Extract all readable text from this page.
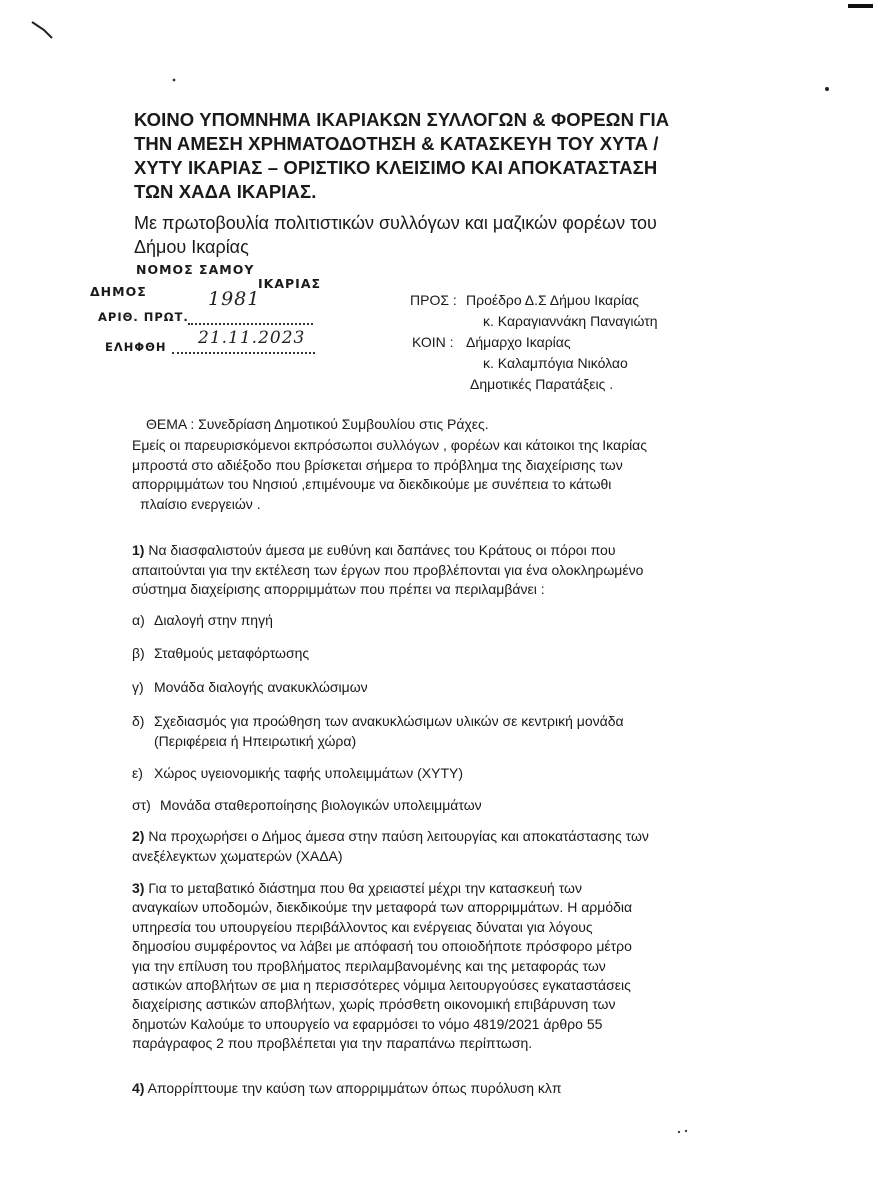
ΚΟΙΝΟ ΥΠΟΜΝΗΜΑ ΙΚΑΡΙΑΚΩΝ ΣΥΛΛΟΓΩΝ & ΦΟΡΕΩΝ ΓΙΑ
ΤΗΝ ΑΜΕΣΗ ΧΡΗΜΑΤΟΔΟΤΗΣΗ & ΚΑΤΑΣΚΕΥΗ ΤΟΥ ΧΥΤΑ /
ΧΥΤΥ ΙΚΑΡΙΑΣ – ΟΡΙΣΤΙΚΟ ΚΛΕΙΣΙΜΟ ΚΑΙ ΑΠΟΚΑΤΑΣΤΑΣΗ
ΤΩΝ ΧΑΔΑ ΙΚΑΡΙΑΣ.
Με πρωτοβουλία πολιτιστικών συλλόγων και μαζικών φορέων του
Δήμου Ικαρίας
ΝΟΜΟΣ ΣΑΜΟΥ
ΔΗΜΟΣ
ΙΚΑΡΙΑΣ
ΑΡΙΘ. ΠΡΩΤ.
1981
ΕΛΗΦΘΗ 21.11.2023
ΠΡΟΣ : Προέδρο Δ.Σ Δήμου Ικαρίας
κ. Καραγιαννάκη Παναγιώτη
ΚΟΙΝ : Δήμαρχο Ικαρίας
κ. Καλαμπόγια Νικόλαο
Δημοτικές Παρατάξεις .
ΘΕΜΑ : Συνεδρίαση Δημοτικού Συμβουλίου στις Ράχες.
Εμείς οι παρευρισκόμενοι εκπρόσωποι συλλόγων , φορέων και κάτοικοι της Ικαρίας
μπροστά στο αδιέξοδο που βρίσκεται σήμερα το πρόβλημα της διαχείρισης των
απορριμμάτων του Νησιού ,επιμένουμε να διεκδικούμε με συνέπεια το κάτωθι
πλαίσιο ενεργειών .
1) Να διασφαλιστούν άμεσα με ευθύνη και δαπάνες του Κράτους οι πόροι που
απαιτούνται για την εκτέλεση των έργων που προβλέπονται για ένα ολοκληρωμένο
σύστημα διαχείρισης απορριμμάτων που πρέπει να περιλαμβάνει :
α) Διαλογή στην πηγή
β) Σταθμούς μεταφόρτωσης
γ) Μονάδα διαλογής ανακυκλώσιμων
δ) Σχεδιασμός για προώθηση των ανακυκλώσιμων υλικών σε κεντρική μονάδα
(Περιφέρεια ή Ηπειρωτική χώρα)
ε) Χώρος υγειονομικής ταφής υπολειμμάτων (ΧΥΤΥ)
στ) Μονάδα σταθεροποίησης βιολογικών υπολειμμάτων
2) Να προχωρήσει ο Δήμος άμεσα στην παύση λειτουργίας και αποκατάστασης των
ανεξέλεγκτων χωματερών (ΧΑΔΑ)
3) Για το μεταβατικό διάστημα που θα χρειαστεί μέχρι την κατασκευή των
αναγκαίων υποδομών, διεκδικούμε την μεταφορά των απορριμμάτων. Η αρμόδια
υπηρεσία του υπουργείου περιβάλλοντος και ενέργειας δύναται για λόγους
δημοσίου συμφέροντος να λάβει με απόφασή του οποιοδήποτε πρόσφορο μέτρο
για την επίλυση του προβλήματος περιλαμβανομένης και της μεταφοράς των
αστικών αποβλήτων σε μια η περισσότερες νόμιμα λειτουργούσες εγκαταστάσεις
διαχείρισης αστικών αποβλήτων, χωρίς πρόσθετη οικονομική επιβάρυνση των
δημοτών Καλούμε το υπουργείο να εφαρμόσει το νόμο 4819/2021 άρθρο 55
παράγραφος 2 που προβλέπεται για την παραπάνω περίπτωση.
4) Απορρίπτουμε την καύση των απορριμμάτων όπως πυρόλυση κλπ
